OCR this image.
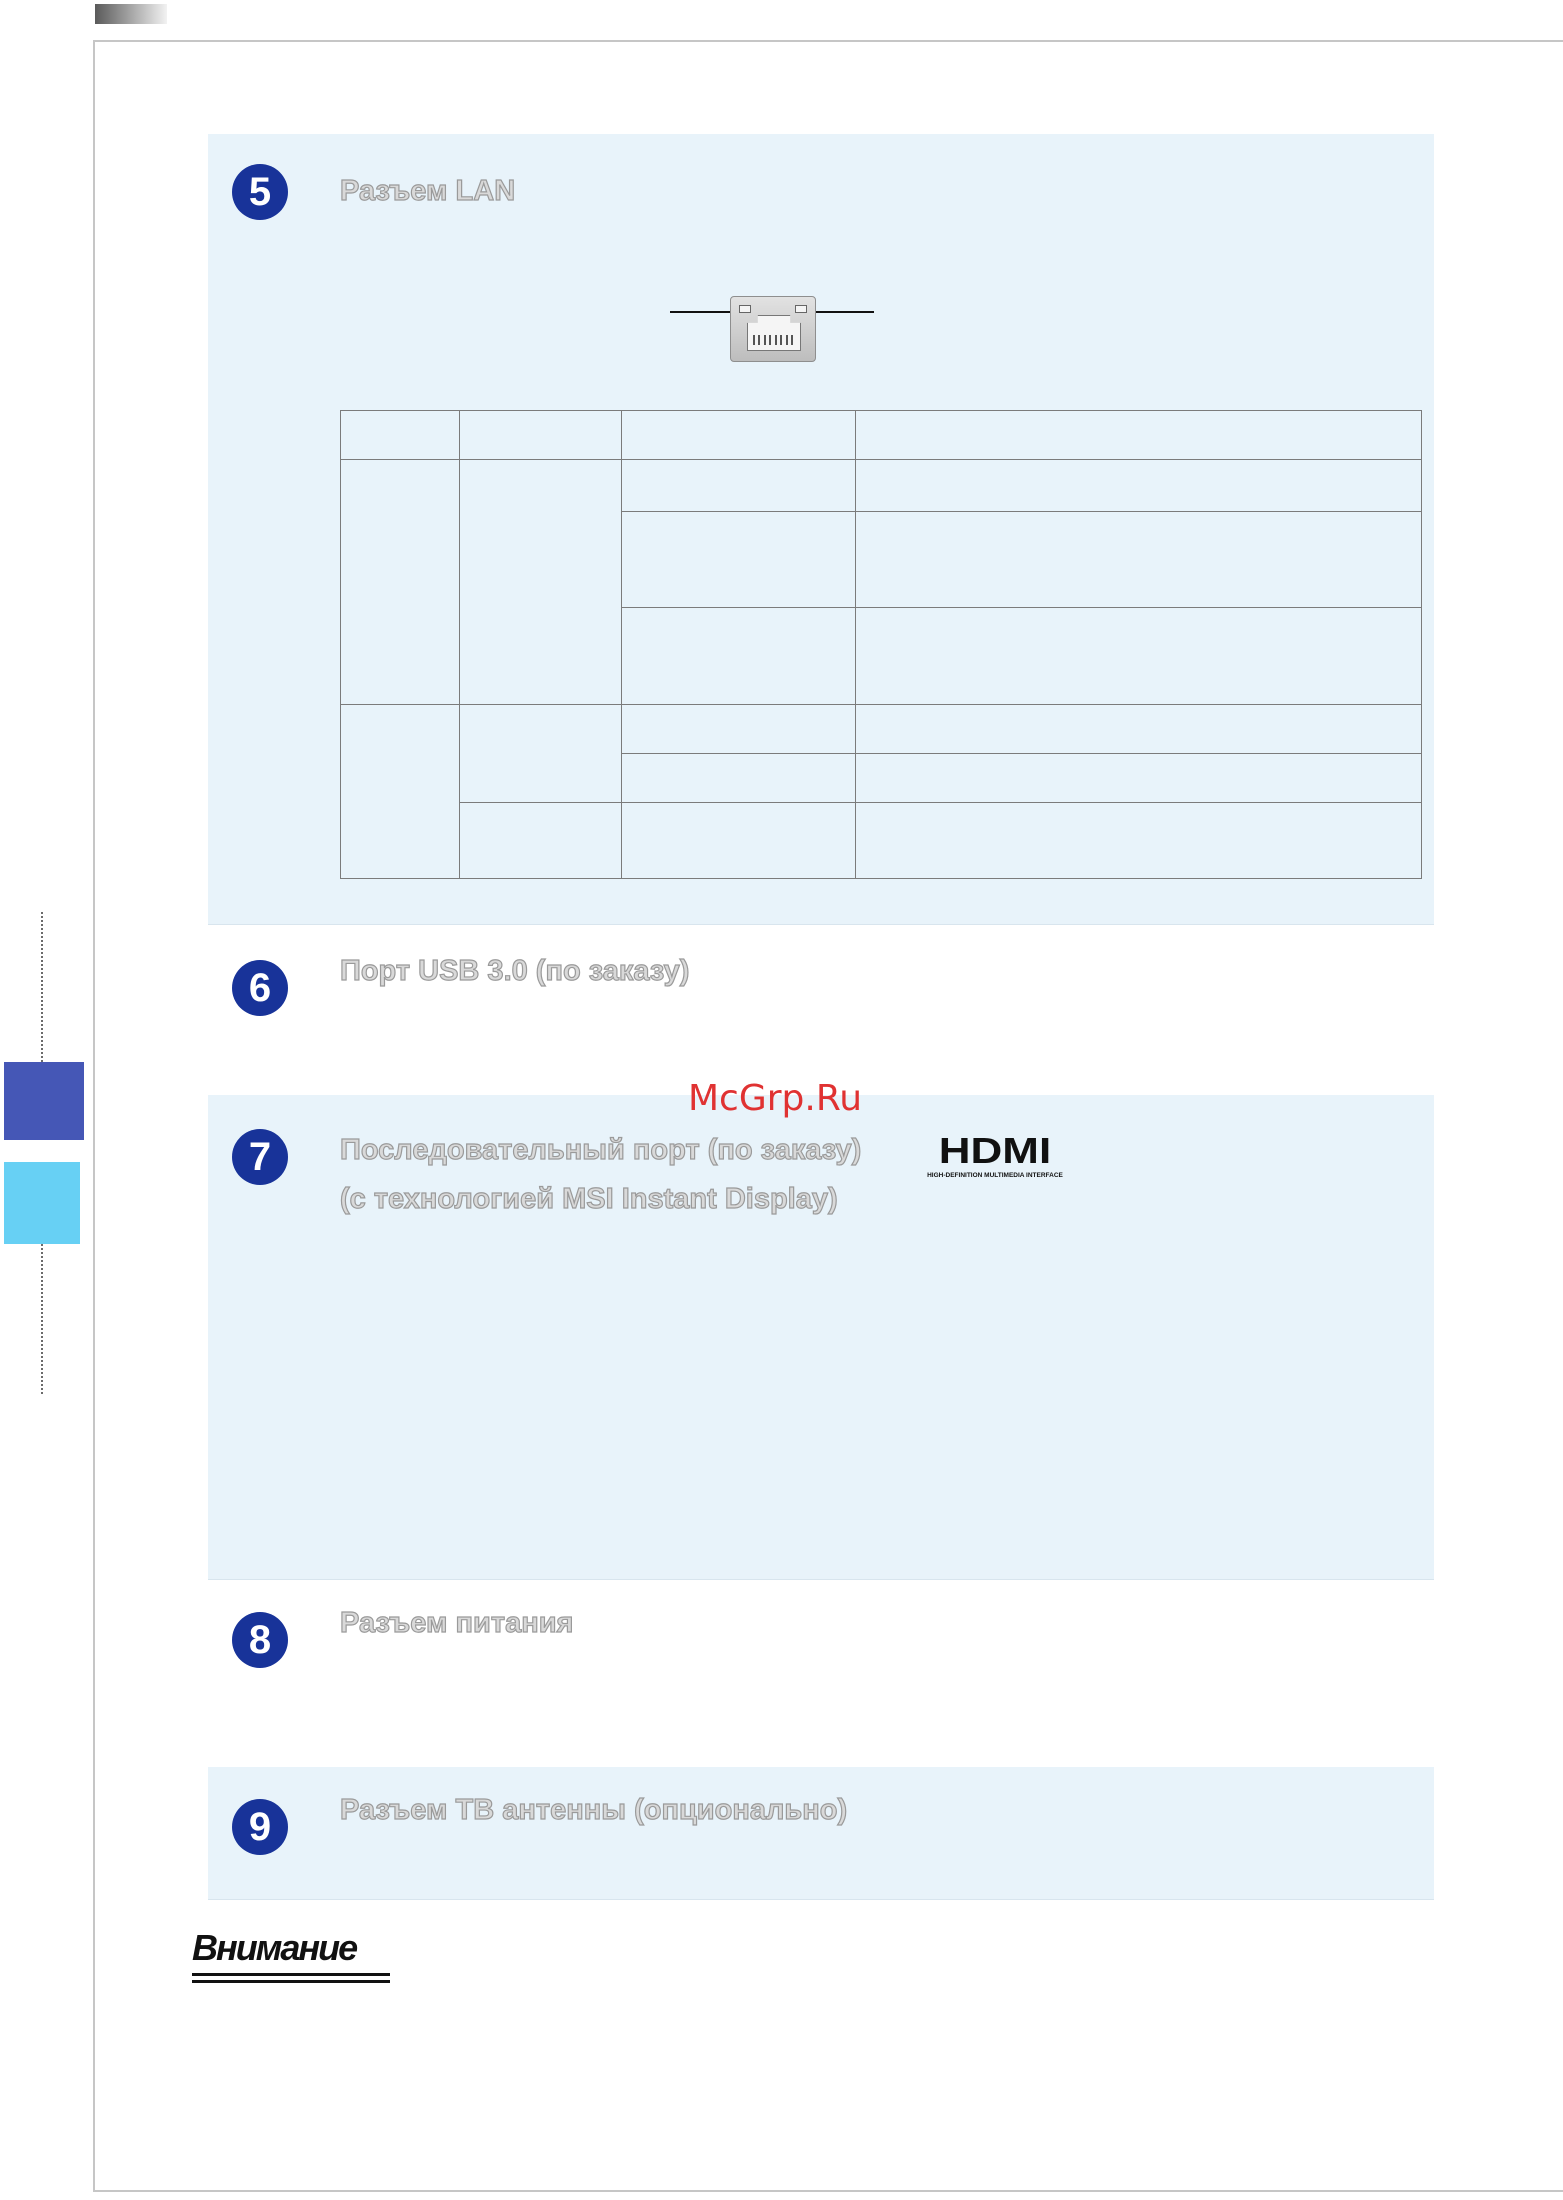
5	Разъем LAN

6	Порт USB 3.0 (по заказу)
7	Последовательный порт (по заказу)
(с технологией MSI Instant Display)
HDMI
HIGH-DEFINITION MULTIMEDIA INTERFACE
8	Разъем питания
9	Разъем ТВ антенны (опционально)
Внимание
McGrp.Ru
